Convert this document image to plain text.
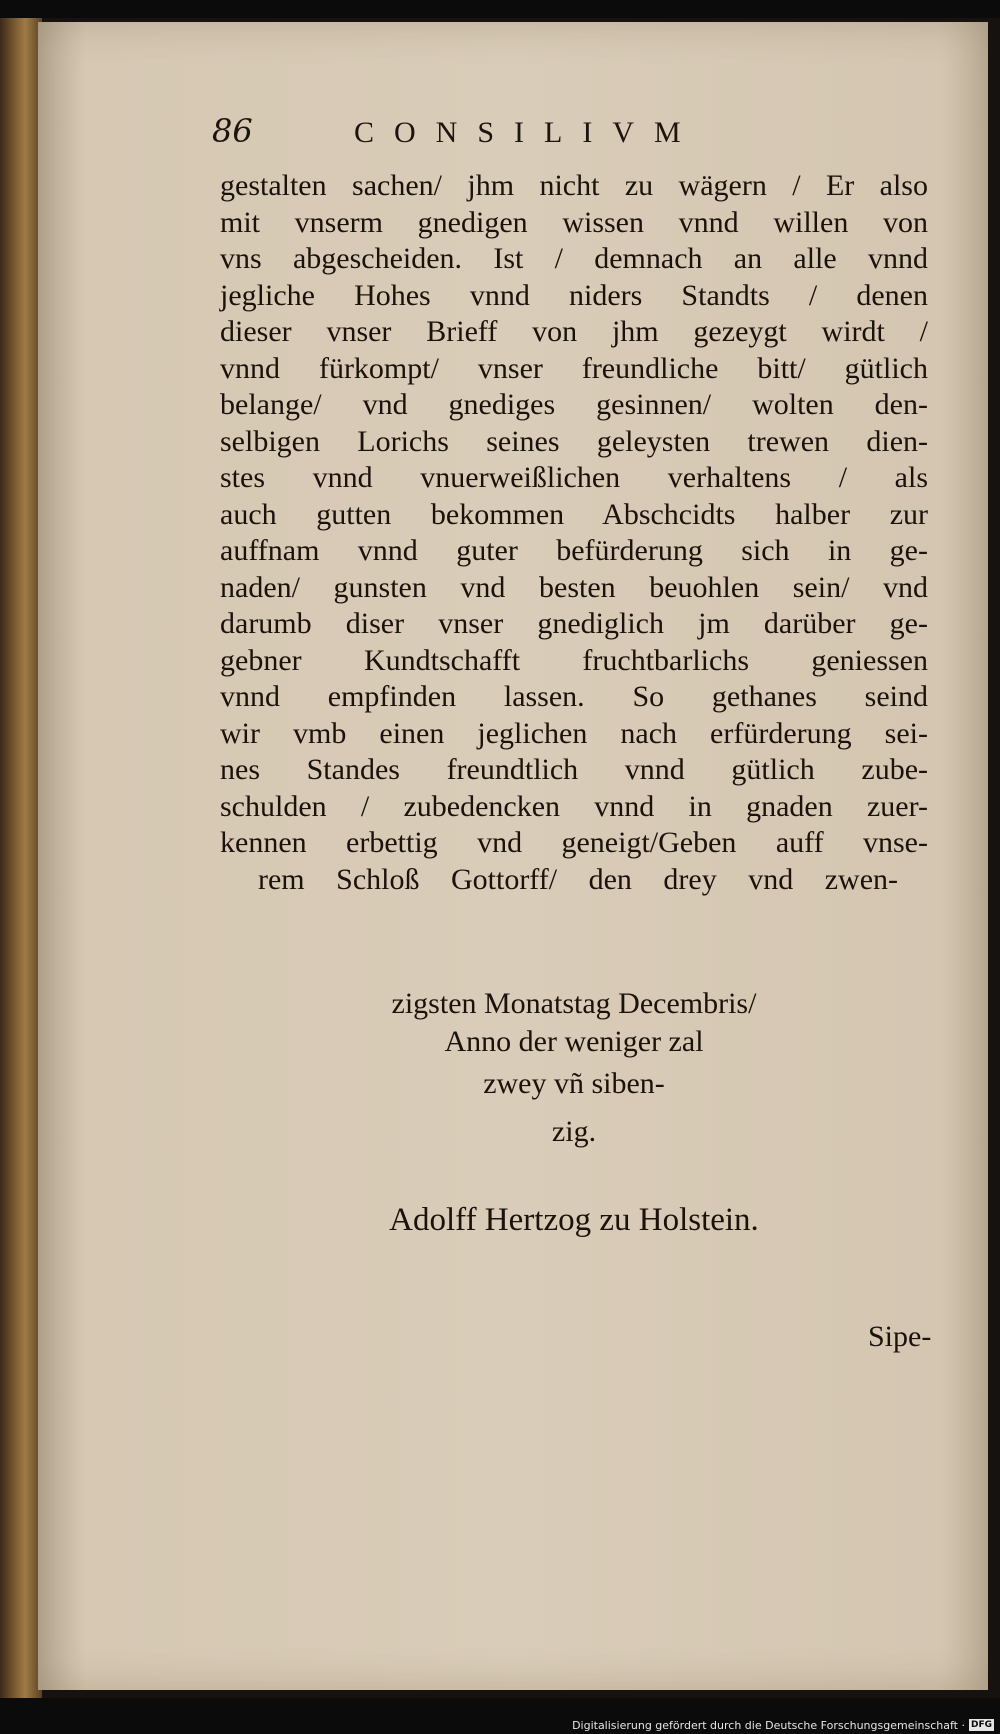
86	CONSILIVM
gestalten sachen/ jhm nicht zu wägern / Er also
mit vnserm gnedigen wissen vnnd willen von
vns abgescheiden. Ist / demnach an alle vnnd
jegliche Hohes vnnd niders Standts / denen
dieser vnser Brieff von jhm gezeygt wirdt /
vnnd fürkompt/ vnser freundliche bitt/ gütlich
belange/ vnd gnediges gesinnen/ wolten den-
selbigen Lorichs seines geleysten trewen dien-
stes vnnd vnuerweißlichen verhaltens / als
auch gutten bekommen Abschcidts halber zur
auffnam vnnd guter befürderung sich in ge-
naden/ gunsten vnd besten beuohlen sein/ vnd
darumb diser vnser gnediglich jm darüber ge-
gebner Kundtschafft fruchtbarlichs geniessen
vnnd empfinden lassen. So gethanes seind
wir vmb einen jeglichen nach erfürderung sei-
nes Standes freundtlich vnnd gütlich zube-
schulden / zubedencken vnnd in gnaden zuer-
kennen erbettig vnd geneigt/Geben auff vnse-
rem Schloß Gottorff/ den drey vnd zwen-
zigsten Monatstag Decembris/
Anno der weniger zal
zwey vñ siben-
zig.
Adolff Hertzog zu Holstein.
Sipe-
Digitalisierung gefördert durch die Deutsche Forschungsgemeinschaft · DFG
